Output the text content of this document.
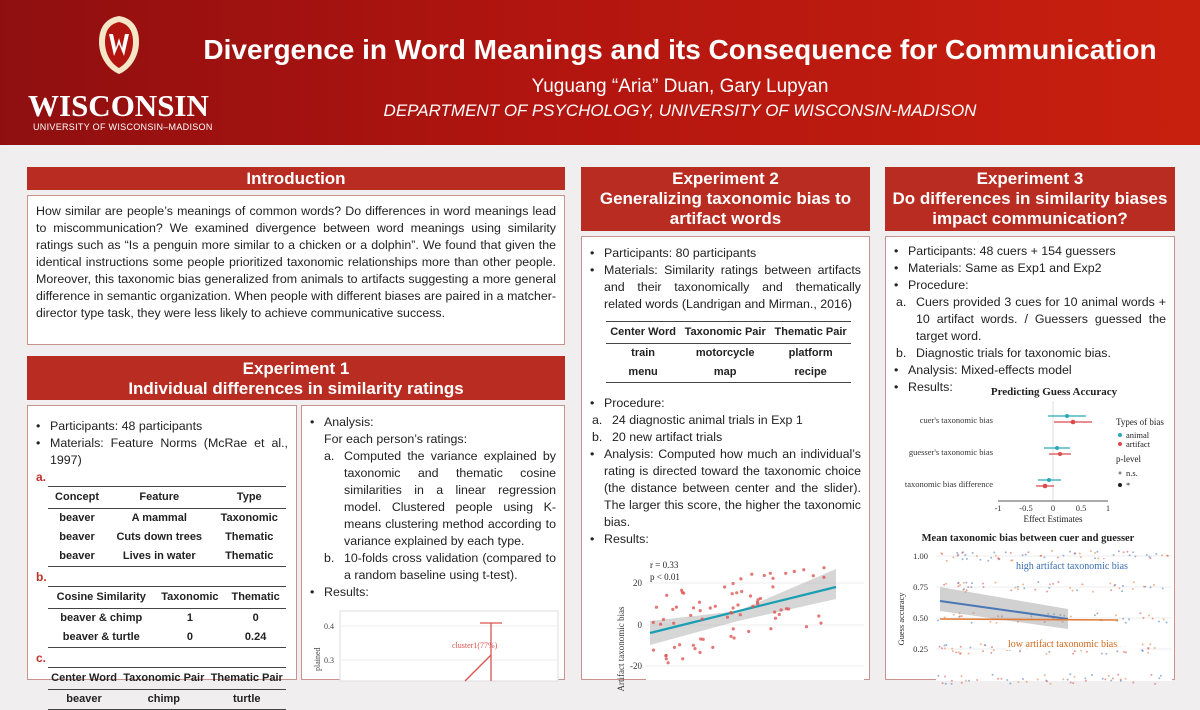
WISCONSIN
UNIVERSITY OF WISCONSIN–MADISON
Divergence in Word Meanings and its Consequence for Communication
Yuguang “Aria” Duan, Gary Lupyan
DEPARTMENT OF PSYCHOLOGY, UNIVERSITY OF WISCONSIN-MADISON
Introduction
How similar are people’s meanings of common words? Do differences in word meanings lead to miscommunication? We examined divergence between word meanings using similarity ratings such as “Is a penguin more similar to a chicken or a dolphin”. We found that given the identical instructions some people prioritized taxonomic relationships more than other people. Moreover, this taxonomic bias generalized from animals to artifacts suggesting a more general difference in semantic organization. When people with different biases are paired in a matcher-director type task, they were less likely to achieve communicative success.
Experiment 1
Individual differences in similarity ratings
• Participants: 48 participants
• Materials: Feature Norms (McRae et al., 1997)
a.
Concept	Feature	Type
beaver	A mammal	Taxonomic
beaver	Cuts down trees	Thematic
beaver	Lives in water	Thematic
b.
Cosine Similarity	Taxonomic	Thematic
beaver & chimp	1	0
beaver & turtle	0	0.24
c.
Center Word	Taxonomic Pair	Thematic Pair
beaver	chimp	turtle
• Analysis:
For each person’s ratings:
a. Computed the variance explained by taxonomic and thematic cosine similarities in a linear regression model. Clustered people using K-means clustering method according to variance explained by each type.
b. 10-folds cross validation (compared to a random baseline using t-test).
• Results:
0.4
0.3
plained
cluster1(77%)
Experiment 2
Generalizing taxonomic bias to artifact words
• Participants: 80 participants
• Materials: Similarity ratings between artifacts and their taxonomically and thematically related words (Landrigan and Mirman., 2016)
Center Word	Taxonomic Pair	Thematic Pair
train	motorcycle	platform
menu	map	recipe
• Procedure:
a. 24 diagnostic animal trials in Exp 1
b. 20 new artifact trials
• Analysis: Computed how much an individual’s rating is directed toward the taxonomic choice (the distance between center and the slider). The larger this score, the higher the taxonomic bias.
• Results:
Artifact taxonomic bias
20
0
-20
r = 0.33
p < 0.01
Experiment 3
Do differences in similarity biases impact communication?
• Participants: 48 cuers + 154 guessers
• Materials: Same as Exp1 and Exp2
• Procedure:
a. Cuers provided 3 cues for 10 animal words + 10 artifact words. / Guessers guessed the target word.
b. Diagnostic trials for taxonomic bias.
• Analysis: Mixed-effects model
• Results:	Predicting Guess Accuracy
cuer's taxonomic bias
guesser's taxonomic bias
taxonomic bias difference
-1 -0.5 0 0.5 1
Effect Estimates
Types of bias
animal
artifact
p-level
n.s.
*
Mean taxonomic bias between cuer and guesser
Guess accuracy
1.00
0.75
0.50
0.25
high artifact taxonomic bias
low artifact taxonomic bias
